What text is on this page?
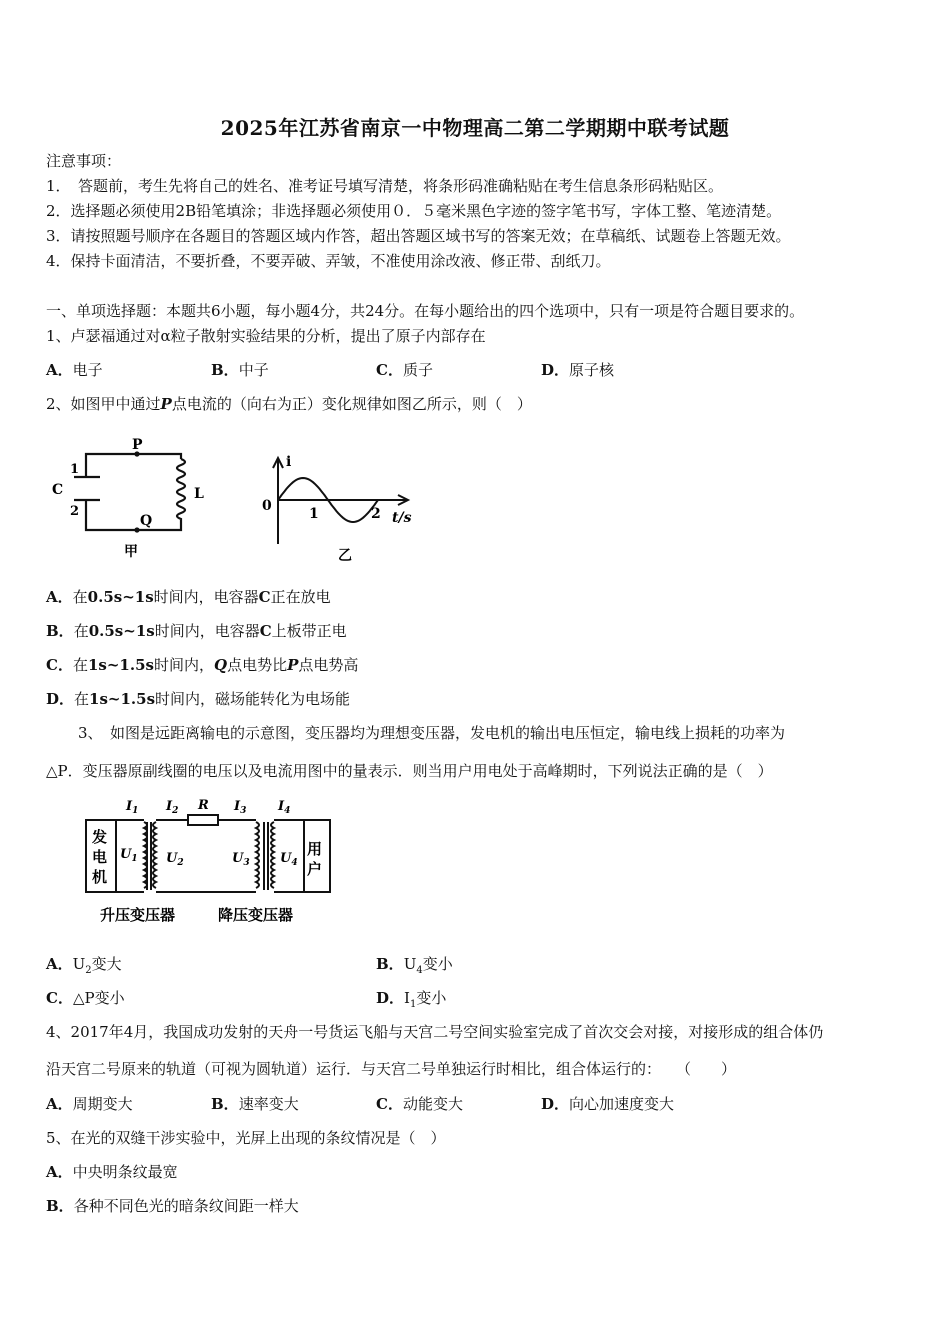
2025年江苏省南京一中物理高二第二学期期中联考试题
注意事项：
1．　答题前，考生先将自己的姓名、准考证号填写清楚，将条形码准确粘贴在考生信息条形码粘贴区。
2．选择题必须使用2B铅笔填涂；非选择题必须使用０．５毫米黑色字迹的签字笔书写，字体工整、笔迹清楚。
3．请按照题号顺序在各题目的答题区域内作答，超出答题区域书写的答案无效；在草稿纸、试题卷上答题无效。
4．保持卡面清洁，不要折叠，不要弄破、弄皱，不准使用涂改液、修正带、刮纸刀。
一、单项选择题：本题共6小题，每小题4分，共24分。在每小题给出的四个选项中，只有一项是符合题目要求的。
1、卢瑟福通过对α粒子散射实验结果的分析，提出了原子内部存在
A．电子	B．中子	C．质子	D．原子核
2、如图甲中通过P点电流的（向右为正）变化规律如图乙所示，则（　）
P
Q
C
1
2
L
甲
i
0	1	2 t/s
乙
A．在0.5s~1s时间内，电容器C正在放电
B．在0.5s~1s时间内，电容器C上板带正电
C．在1s~1.5s时间内，Q点电势比P点电势高
D．在1s~1.5s时间内，磁场能转化为电场能
3、　如图是远距离输电的示意图，变压器均为理想变压器，发电机的输出电压恒定，输电线上损耗的功率为
△P．变压器原副线圈的电压以及电流用图中的量表示．则当用户用电处于高峰期时，下列说法正确的是（　）
发
电
机
用
户
$I_1$ $I_2$ R $I_3$ $I_4$
$U_1$ $U_2$	$U_3$ $U_4$
升压变压器	降压变压器
A．$U_2$变大	B．$U_4$变小
C．△P变小	D．$I_1$变小
4、2017年4月，我国成功发射的天舟一号货运飞船与天宫二号空间实验室完成了首次交会对接，对接形成的组合体仍
沿天宫二号原来的轨道（可视为圆轨道）运行．与天宫二号单独运行时相比，组合体运行的：　　（　　）
A．周期变大	B．速率变大	C．动能变大	D．向心加速度变大
5、在光的双缝干涉实验中，光屏上出现的条纹情况是（　）
A．中央明条纹最宽
B．各种不同色光的暗条纹间距一样大
